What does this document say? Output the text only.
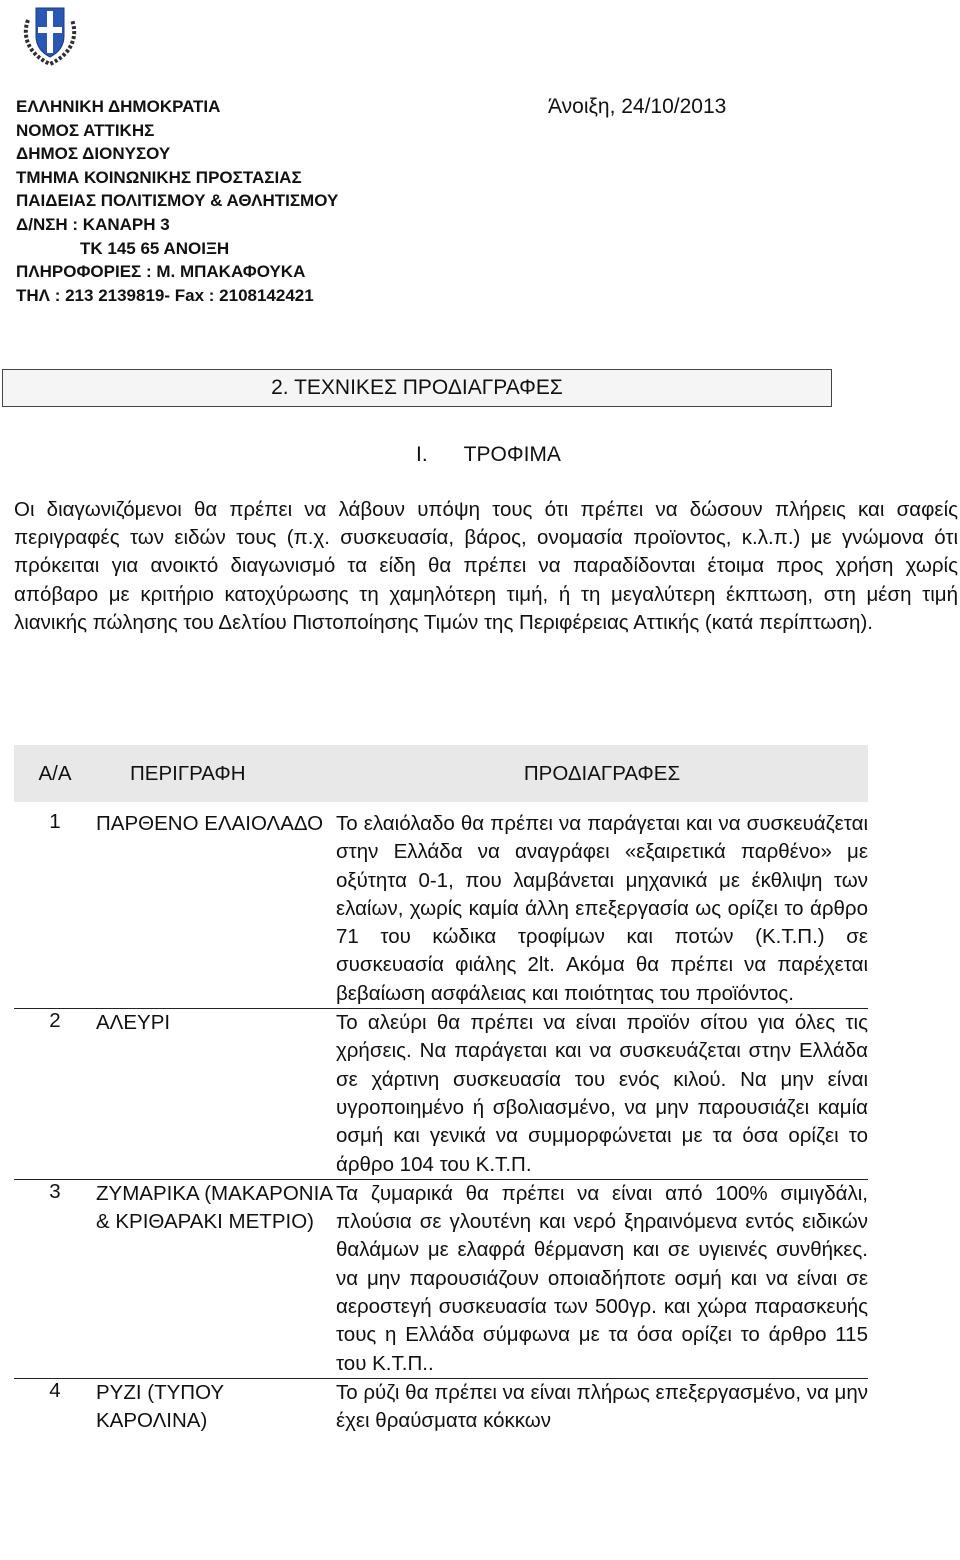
ΕΛΛΗΝΙΚΗ ΔΗΜΟΚΡΑΤΙΑ
ΝΟΜΟΣ ΑΤΤΙΚΗΣ
ΔΗΜΟΣ ΔΙΟΝΥΣΟΥ
ΤΜΗΜΑ ΚΟΙΝΩΝΙΚΗΣ ΠΡΟΣΤΑΣΙΑΣ
ΠΑΙΔΕΙΑΣ ΠΟΛΙΤΙΣΜΟΥ & ΑΘΛΗΤΙΣΜΟΥ
Δ/ΝΣΗ : ΚΑΝΑΡΗ 3
ΤΚ 145 65 ΑΝΟΙΞΗ
ΠΛΗΡΟΦΟΡΙΕΣ : Μ. ΜΠΑΚΑΦΟΥΚΑ
ΤΗΛ : 213 2139819- Fax : 2108142421
Άνοιξη, 24/10/2013
2. ΤΕΧΝΙΚΕΣ ΠΡΟΔΙΑΓΡΑΦΕΣ
Ι. ΤΡΟΦΙΜΑ
Οι διαγωνιζόμενοι θα πρέπει να λάβουν υπόψη τους ότι πρέπει να δώσουν πλήρεις και σαφείς περιγραφές των ειδών τους (π.χ. συσκευασία, βάρος, ονομασία προϊοντος, κ.λ.π.) με γνώμονα ότι πρόκειται για ανοικτό διαγωνισμό τα είδη θα πρέπει να παραδίδονται έτοιμα προς χρήση χωρίς απόβαρο με κριτήριο κατοχύρωσης τη χαμηλότερη τιμή, ή τη μεγαλύτερη έκπτωση, στη μέση τιμή λιανικής πώλησης του Δελτίου Πιστοποίησης Τιμών της Περιφέρειας Αττικής (κατά περίπτωση).
Α/Α	ΠΕΡΙΓΡΑΦΗ	ΠΡΟΔΙΑΓΡΑΦΕΣ
1	ΠΑΡΘΕΝΟ ΕΛΑΙΟΛΑΔΟ	Το ελαιόλαδο θα πρέπει να παράγεται και να συσκευάζεται στην Ελλάδα να αναγράφει «εξαιρετικά παρθένο» με οξύτητα 0-1, που λαμβάνεται μηχανικά με έκθλιψη των ελαίων, χωρίς καμία άλλη επεξεργασία ως ορίζει το άρθρο 71 του κώδικα τροφίμων και ποτών (Κ.Τ.Π.) σε συσκευασία φιάλης 2lt. Ακόμα θα πρέπει να παρέχεται βεβαίωση ασφάλειας και ποιότητας του προϊόντος.
2	ΑΛΕΥΡΙ	Το αλεύρι θα πρέπει να είναι προϊόν σίτου για όλες τις χρήσεις. Να παράγεται και να συσκευάζεται στην Ελλάδα σε χάρτινη συσκευασία του ενός κιλού. Να μην είναι υγροποιημένο ή σβολιασμένο, να μην παρουσιάζει καμία οσμή και γενικά να συμμορφώνεται με τα όσα ορίζει το άρθρο 104 του Κ.Τ.Π.
3	ΖΥΜΑΡΙΚΑ (ΜΑΚΑΡΟΝΙΑ & ΚΡΙΘΑΡΑΚΙ ΜΕΤΡΙΟ)	Τα ζυμαρικά θα πρέπει να είναι από 100% σιμιγδάλι, πλούσια σε γλουτένη και νερό ξηραινόμενα εντός ειδικών θαλάμων με ελαφρά θέρμανση και σε υγιεινές συνθήκες. να μην παρουσιάζουν οποιαδήποτε οσμή και να είναι σε αεροστεγή συσκευασία των 500γρ. και χώρα παρασκευής τους η Ελλάδα σύμφωνα με τα όσα ορίζει το άρθρο 115 του Κ.Τ.Π..
4	ΡΥΖΙ (ΤΥΠΟΥ ΚΑΡΟΛΙΝΑ)	Το ρύζι θα πρέπει να είναι πλήρως επεξεργασμένο, να μην έχει θραύσματα κόκκων
